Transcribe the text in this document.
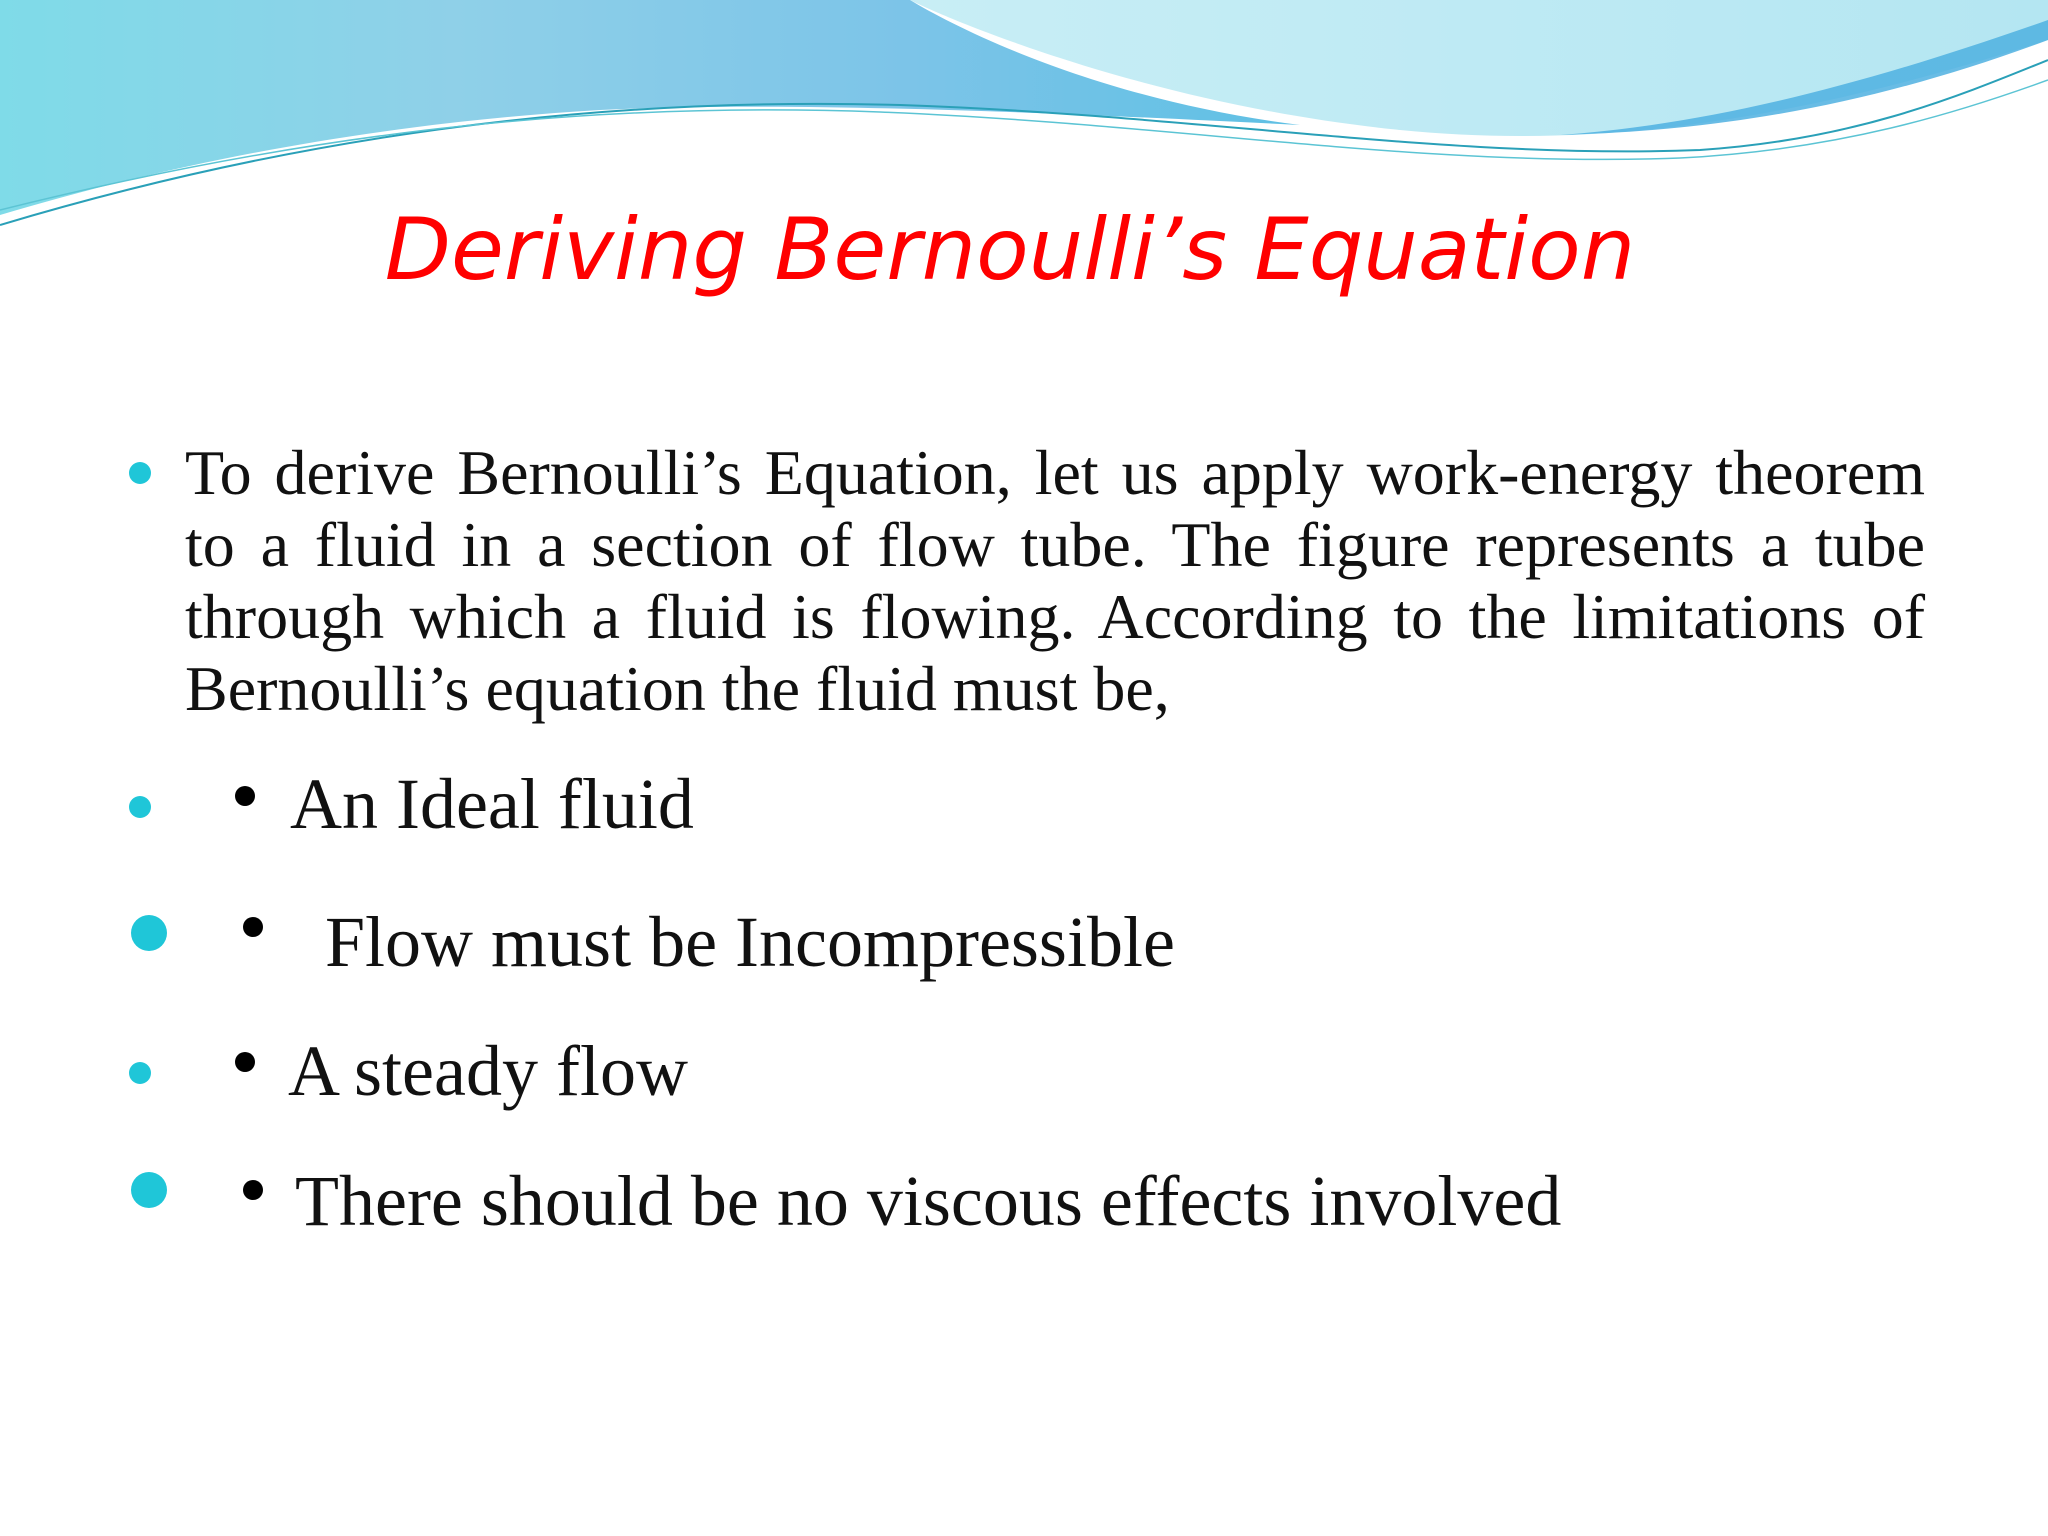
Deriving Bernoulli’s Equation
To derive Bernoulli’s Equation, let us apply work-energy theorem to a fluid in a section of flow tube. The figure represents a tube through which a fluid is flowing. According to the limitations of Bernoulli’s equation the fluid must be,
An Ideal fluid
Flow must be Incompressible
A steady flow
There should be no viscous effects involved
